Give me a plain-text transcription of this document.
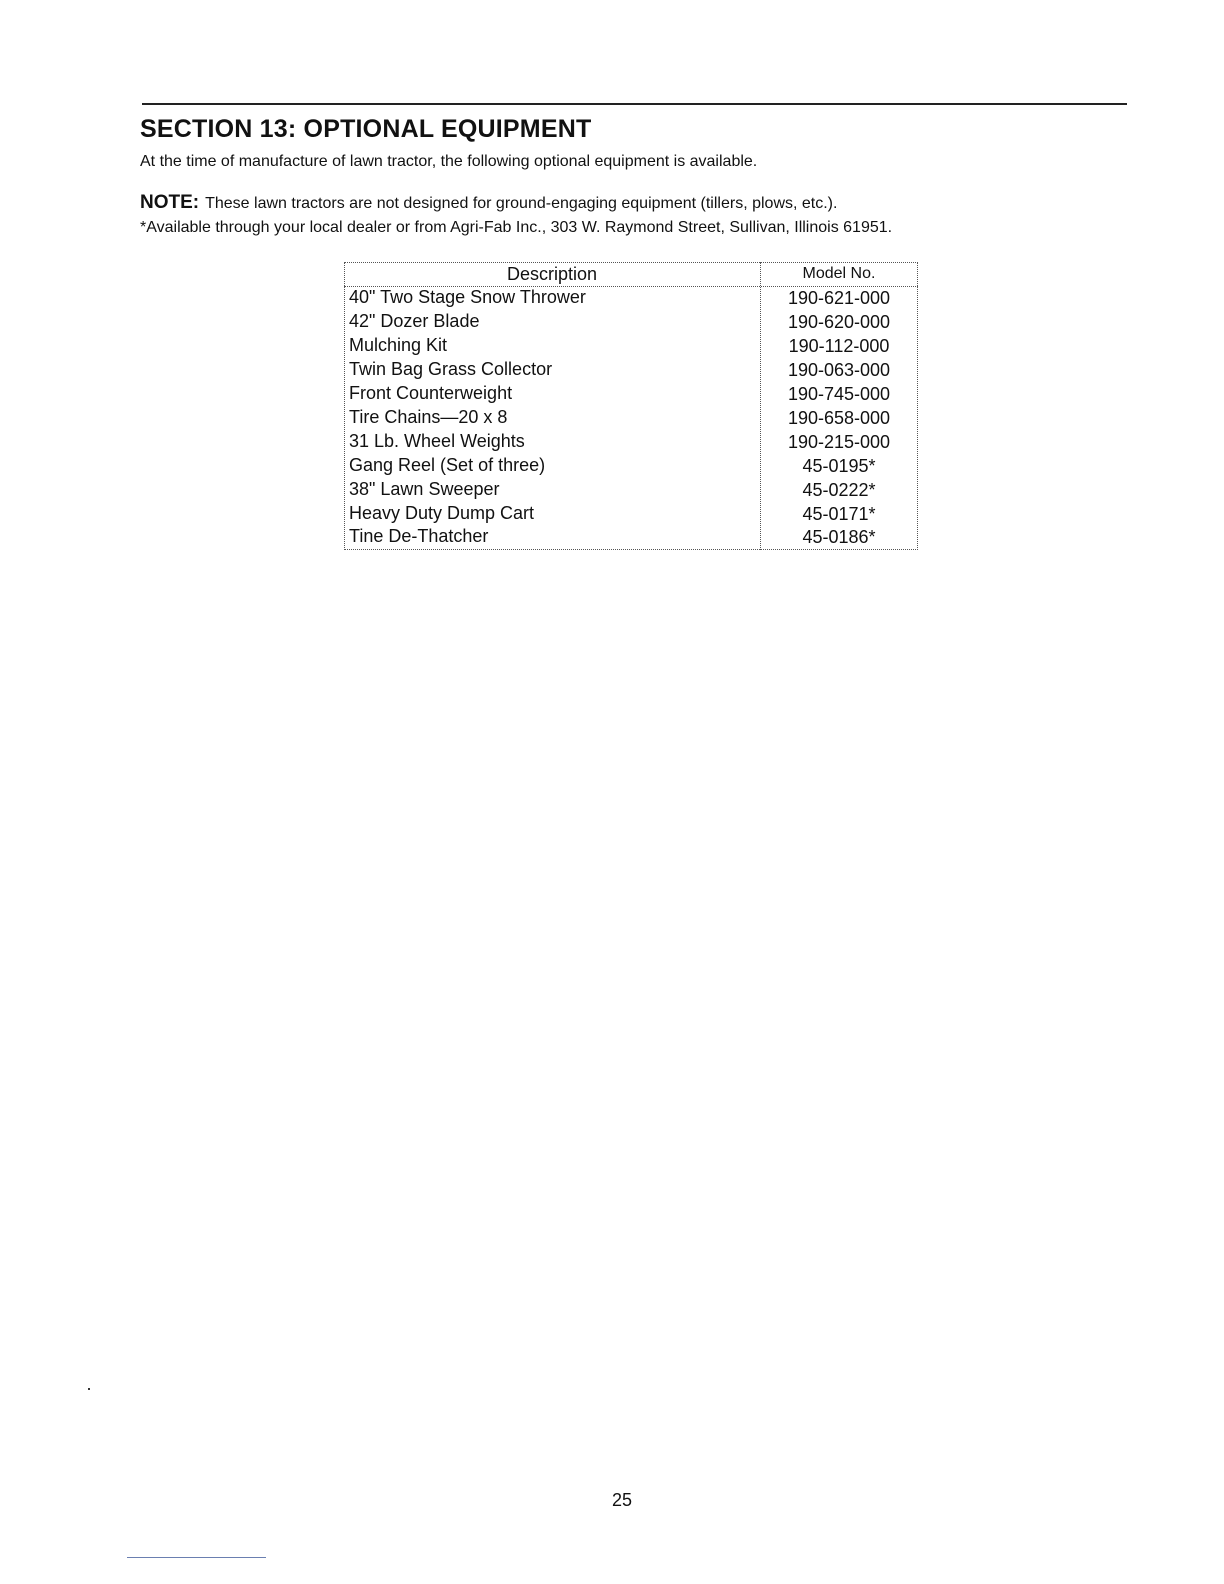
SECTION 13: OPTIONAL EQUIPMENT
At the time of manufacture of lawn tractor, the following optional equipment is available.
NOTE: These lawn tractors are not designed for ground-engaging equipment (tillers, plows, etc.).
*Available through your local dealer or from Agri-Fab Inc., 303 W. Raymond Street, Sullivan, Illinois 61951.
Description	Model No.
40" Two Stage Snow Thrower	190-621-000
42" Dozer Blade	190-620-000
Mulching Kit	190-112-000
Twin Bag Grass Collector	190-063-000
Front Counterweight	190-745-000
Tire Chains—20 x 8	190-658-000
31 Lb. Wheel Weights	190-215-000
Gang Reel (Set of three)	45-0195*
38" Lawn Sweeper	45-0222*
Heavy Duty Dump Cart	45-0171*
Tine De-Thatcher	45-0186*
25
